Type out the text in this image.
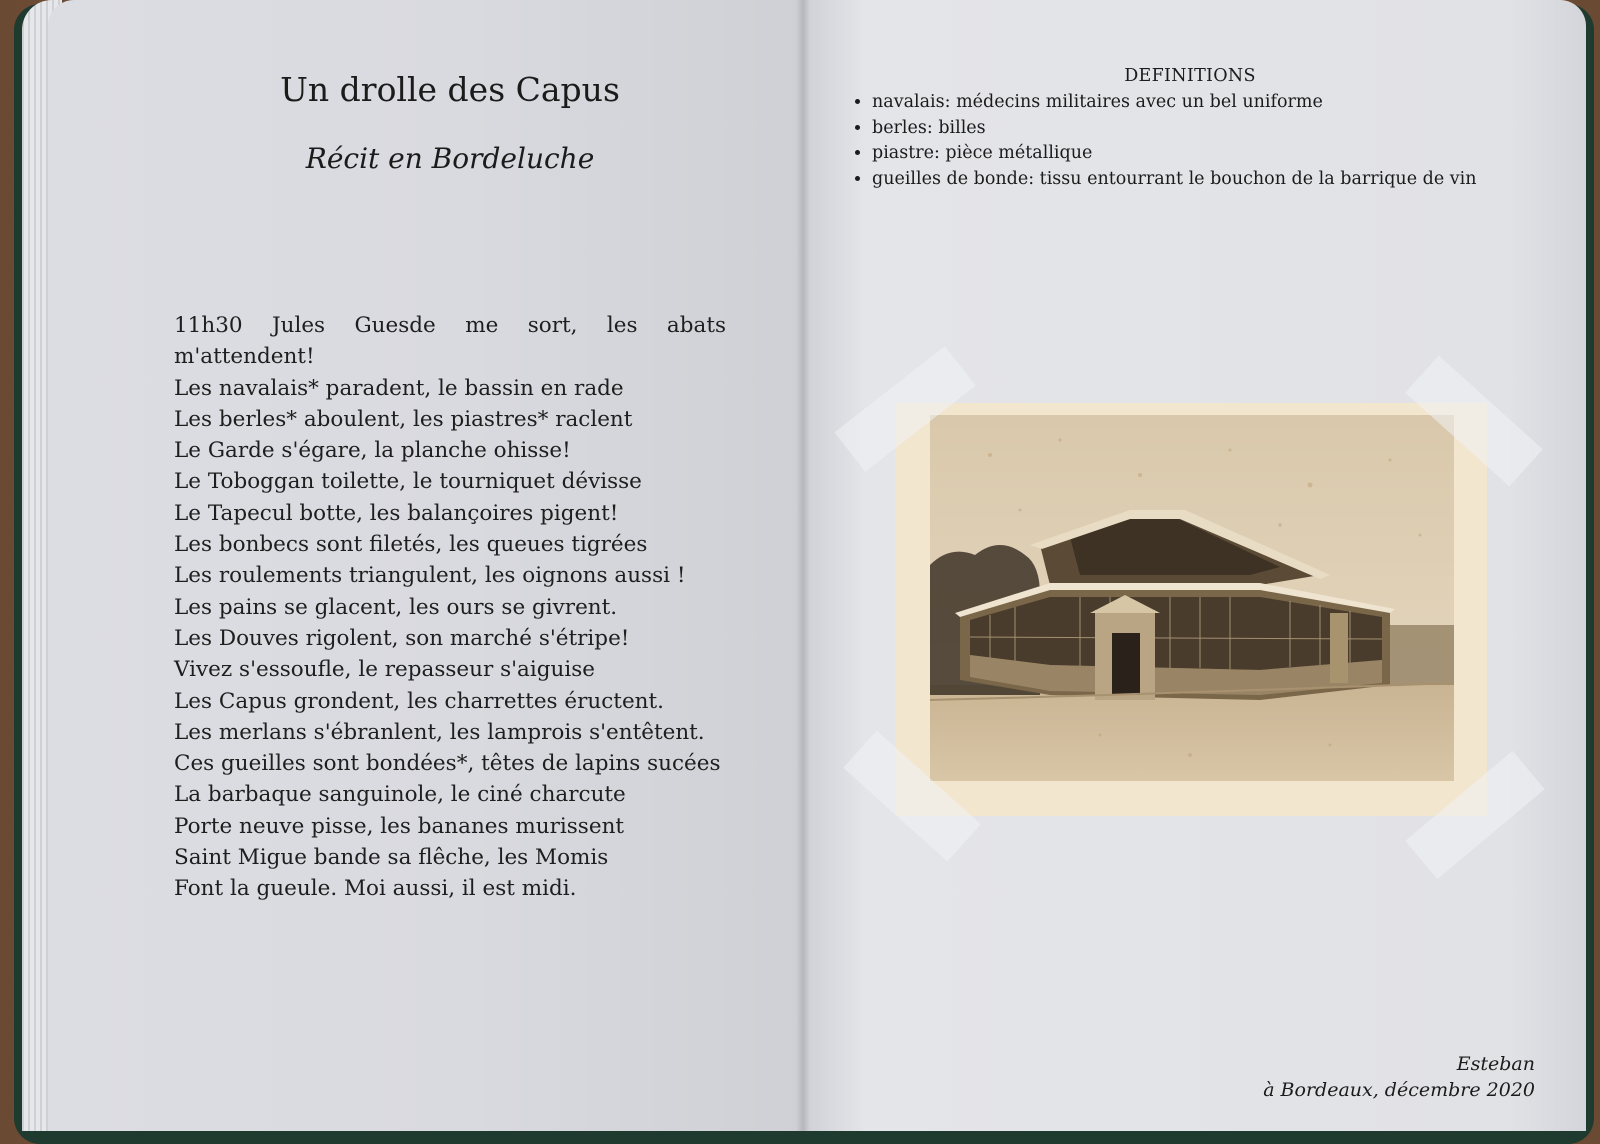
Un drolle des Capus
Récit en Bordeluche
11h30 Jules Guesde me sort, les abats m'attendent!
Les navalais* paradent, le bassin en rade
Les berles* aboulent, les piastres* raclent
Le Garde s'égare, la planche ohisse!
Le Toboggan toilette, le tourniquet dévisse
Le Tapecul botte, les balançoires pigent!
Les bonbecs sont filetés, les queues tigrées
Les roulements triangulent, les oignons aussi !
Les pains se glacent, les ours se givrent.
Les Douves rigolent, son marché s'étripe!
Vivez s'essoufle, le repasseur s'aiguise
Les Capus grondent, les charrettes éructent.
Les merlans s'ébranlent, les lamprois s'entêtent.
Ces gueilles sont bondées*, têtes de lapins sucées
La barbaque sanguinole, le ciné charcute
Porte neuve pisse, les bananes murissent
Saint Migue bande sa flêche, les Momis
Font la gueule. Moi aussi, il est midi.
DEFINITIONS
• navalais: médecins militaires avec un bel uniforme
• berles: billes
• piastre: pièce métallique
• gueilles de bonde: tissu entourrant le bouchon de la barrique de vin
Esteban
à Bordeaux, décembre 2020
